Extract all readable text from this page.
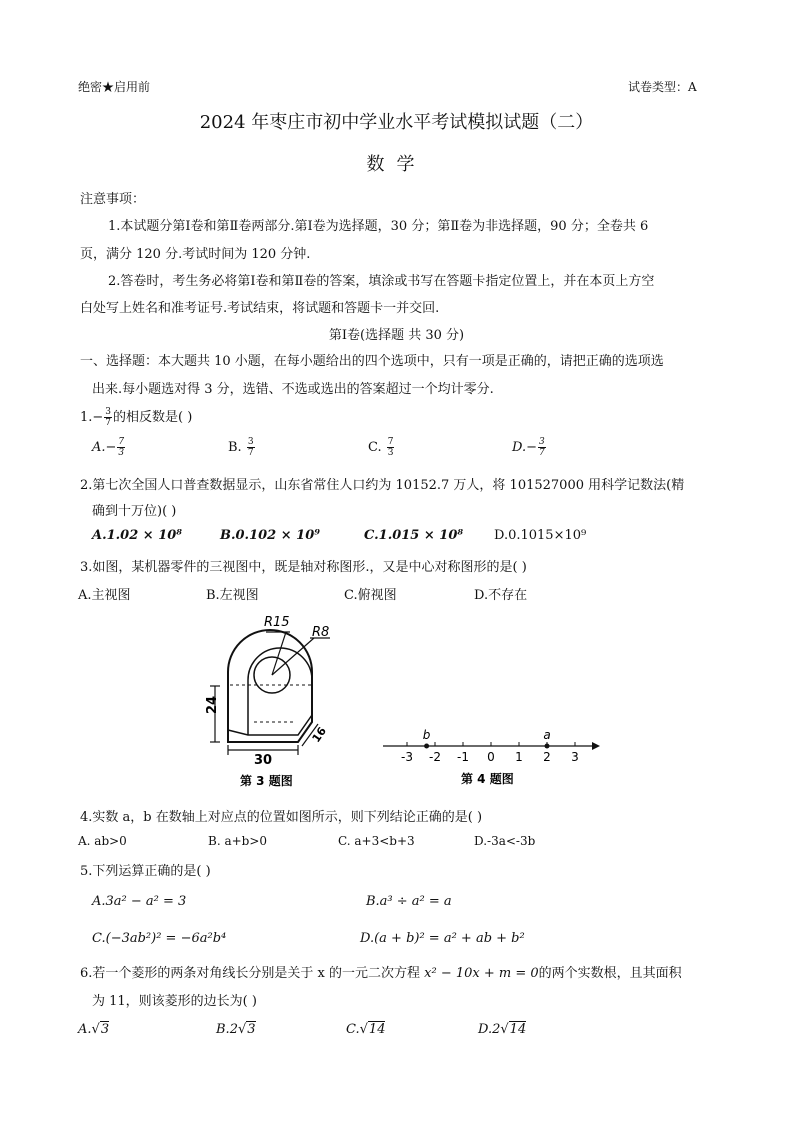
绝密★启用前	试卷类型：A
2024 年枣庄市初中学业水平考试模拟试题（二）
数学
注意事项：
1.本试题分第Ⅰ卷和第Ⅱ卷两部分.第Ⅰ卷为选择题，30 分；第Ⅱ卷为非选择题，90 分；全卷共 6
页，满分 120 分.考试时间为 120 分钟.
2.答卷时，考生务必将第Ⅰ卷和第Ⅱ卷的答案，填涂或书写在答题卡指定位置上，并在本页上方空
白处写上姓名和准考证号.考试结束，将试题和答题卡一并交回.
第Ⅰ卷(选择题 共 30 分)
一、选择题：本大题共 10 小题，在每小题给出的四个选项中，只有一项是正确的，请把正确的选项选
出来.每小题选对得 3 分，选错、不选或选出的答案超过一个均计零分.
$1.- \frac{3}{7}$ 的相反数是( )
$A.- \frac{7}{3}$	B. $\frac{3}{7}$	C. $\frac{7}{3}$	$D.- \frac{3}{7}$
2.第七次全国人口普查数据显示，山东省常住人口约为 10152.7 万人，将 101527000 用科学记数法(精
确到十万位)( )
A.1.02 × 10⁸	B.0.102 × 10⁹	C.1.015 × 10⁸ D.0.1015×10⁹
3.如图，某机器零件的三视图中，既是轴对称图形.，又是中心对称图形的是( )
A.主视图	B.左视图	C.俯视图	D.不存在
R15
R8
24
30
16
第 3 题图
-3 -2 -1 0 1 2 3
b	a
第 4 题图
4.实数 a，b 在数轴上对应点的位置如图所示，则下列结论正确的是( )
A. ab>0	B. a+b>0	C. a+3<b+3	D.-3a<-3b
5.下列运算正确的是( )
A.3a² − a² = 3	B.a³ ÷ a² = a
C.(−3ab²)² = −6a²b⁴	D.(a + b)² = a² + ab + b²
6.若一个菱形的两条对角线长分别是关于 x 的一元二次方程 x² − 10x + m = 0的两个实数根，且其面积
为 11，则该菱形的边长为( )
A.√3	B.2√3	C.√14	D.2√14
